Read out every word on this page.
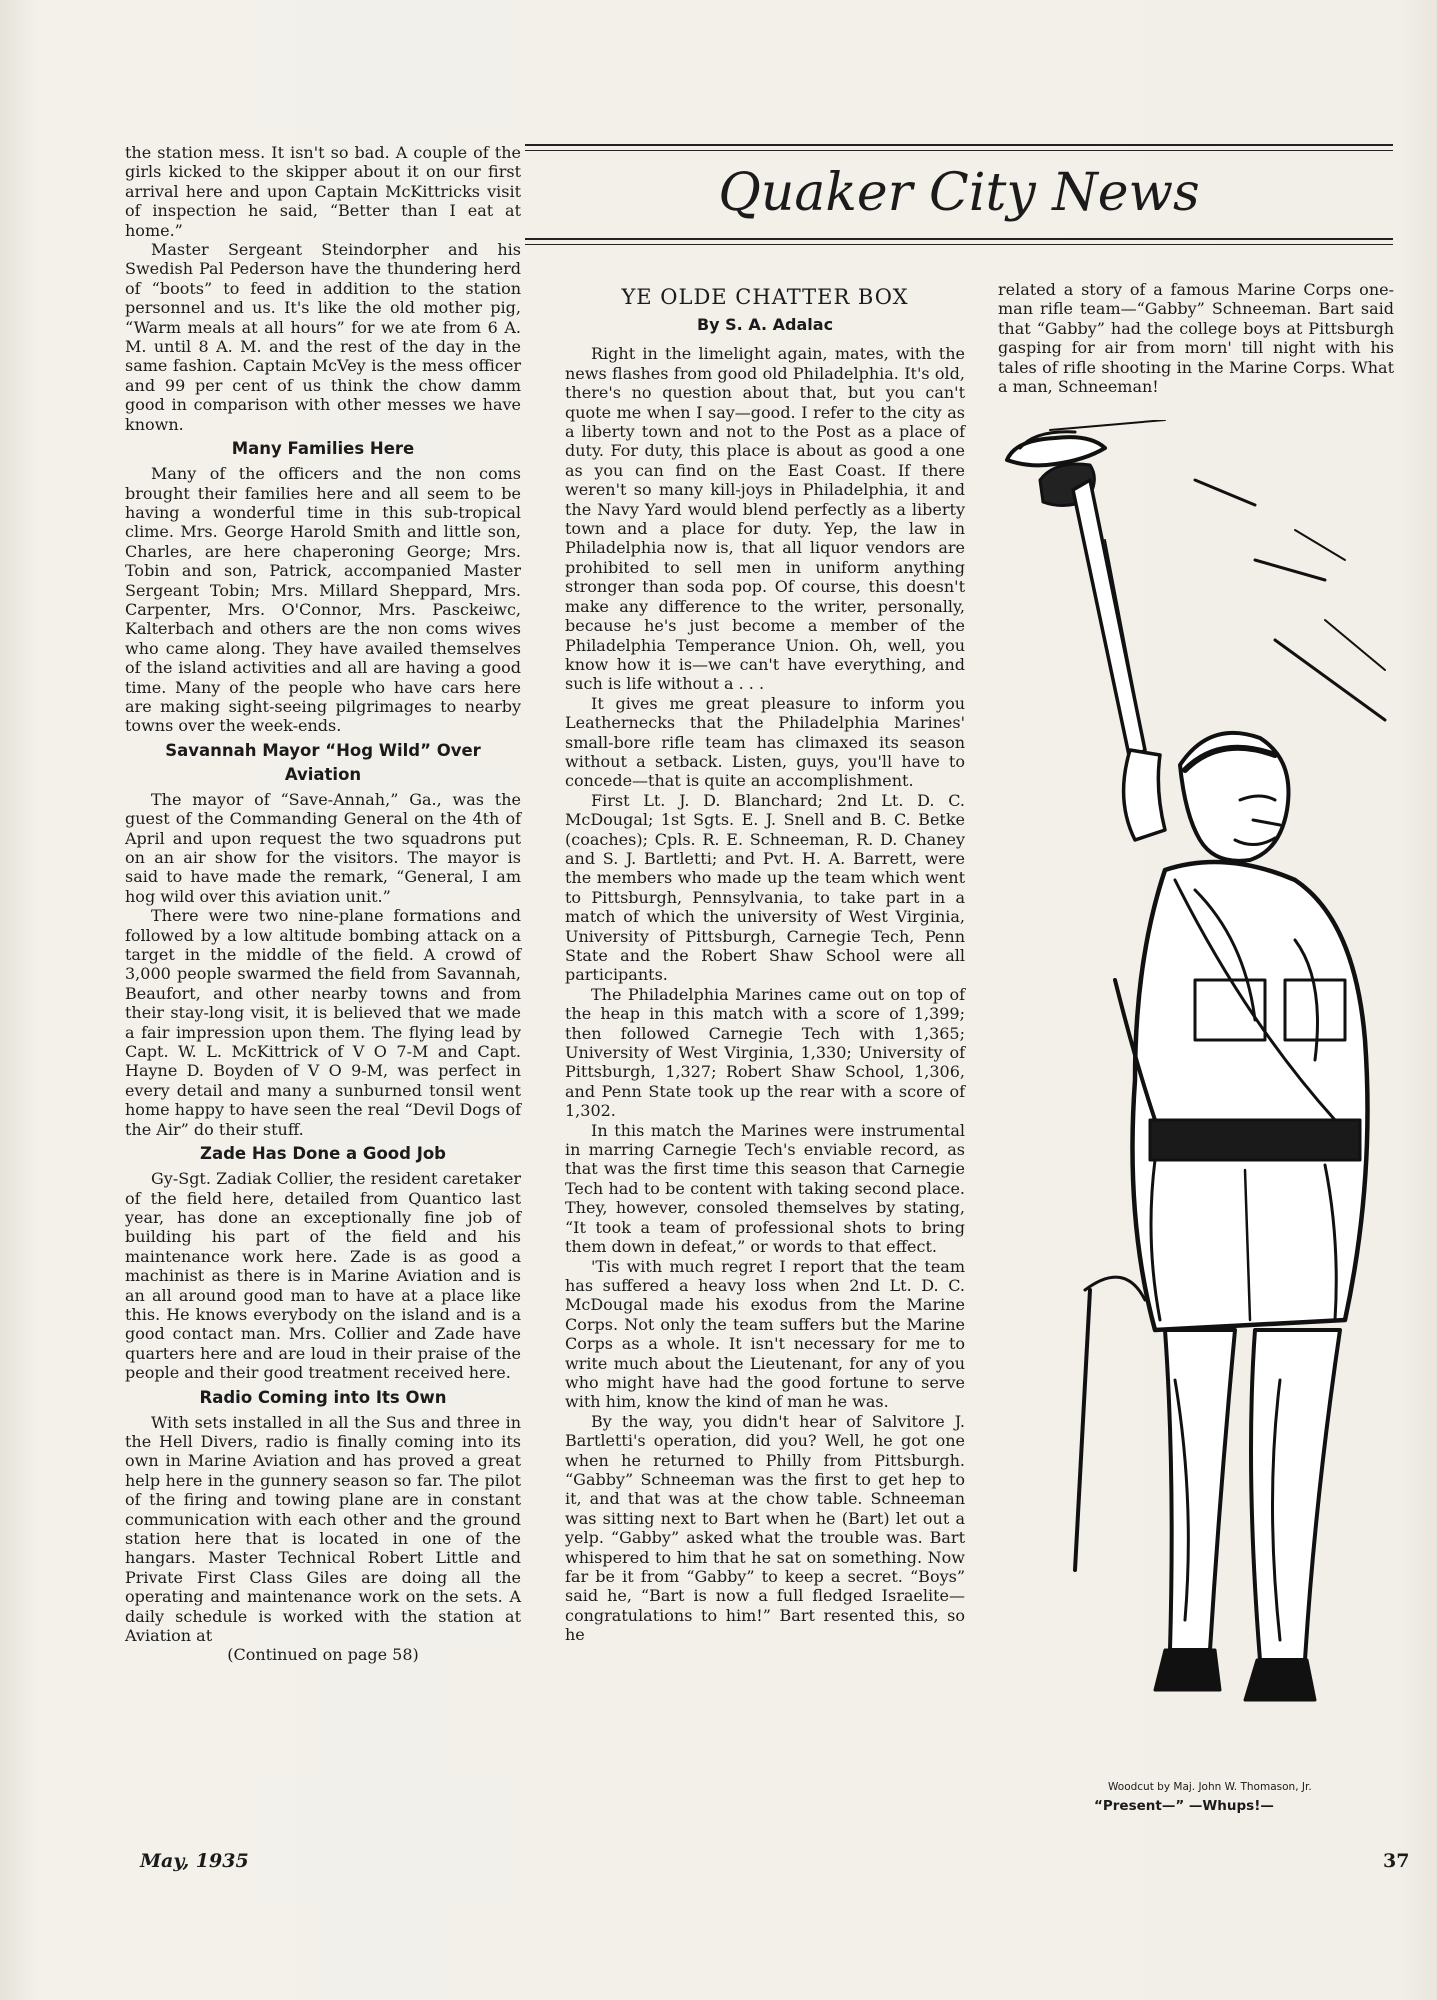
the station mess. It isn't so bad. A couple of the girls kicked to the skipper about it on our first arrival here and upon Captain McKittricks visit of inspection he said, “Better than I eat at home.”

Master Sergeant Steindorpher and his Swedish Pal Pederson have the thundering herd of “boots” to feed in addition to the station personnel and us. It's like the old mother pig, “Warm meals at all hours” for we ate from 6 A. M. until 8 A. M. and the rest of the day in the same fashion. Captain McVey is the mess officer and 99 per cent of us think the chow damm good in comparison with other messes we have known.

Many Families Here

Many of the officers and the non coms brought their families here and all seem to be having a wonderful time in this sub-tropical clime. Mrs. George Harold Smith and little son, Charles, are here chaperoning George; Mrs. Tobin and son, Patrick, accompanied Master Sergeant Tobin; Mrs. Millard Sheppard, Mrs. Carpenter, Mrs. O'Connor, Mrs. Pasckeiwc, Kalterbach and others are the non coms wives who came along. They have availed themselves of the island activities and all are having a good time. Many of the people who have cars here are making sight-seeing pilgrimages to nearby towns over the week-ends.

Savannah Mayor “Hog Wild” Over Aviation

The mayor of “Save-Annah,” Ga., was the guest of the Commanding General on the 4th of April and upon request the two squadrons put on an air show for the visitors. The mayor is said to have made the remark, “General, I am hog wild over this aviation unit.”

There were two nine-plane formations and followed by a low altitude bombing attack on a target in the middle of the field. A crowd of 3,000 people swarmed the field from Savannah, Beaufort, and other nearby towns and from their stay-long visit, it is believed that we made a fair impression upon them. The flying lead by Capt. W. L. McKittrick of V O 7-M and Capt. Hayne D. Boyden of V O 9-M, was perfect in every detail and many a sunburned tonsil went home happy to have seen the real “Devil Dogs of the Air” do their stuff.

Zade Has Done a Good Job

Gy-Sgt. Zadiak Collier, the resident caretaker of the field here, detailed from Quantico last year, has done an exceptionally fine job of building his part of the field and his maintenance work here. Zade is as good a machinist as there is in Marine Aviation and is an all around good man to have at a place like this. He knows everybody on the island and is a good contact man. Mrs. Collier and Zade have quarters here and are loud in their praise of the people and their good treatment received here.

Radio Coming into Its Own

With sets installed in all the Sus and three in the Hell Divers, radio is finally coming into its own in Marine Aviation and has proved a great help here in the gunnery season so far. The pilot of the firing and towing plane are in constant communication with each other and the ground station here that is located in one of the hangars. Master Technical Robert Little and Private First Class Giles are doing all the operating and maintenance work on the sets. A daily schedule is worked with the station at Aviation at

(Continued on page 58)

Quaker City News
YE OLDE CHATTER BOX
By S. A. Adalac

Right in the limelight again, mates, with the news flashes from good old Philadelphia. It's old, there's no question about that, but you can't quote me when I say—good. I refer to the city as a liberty town and not to the Post as a place of duty. For duty, this place is about as good a one as you can find on the East Coast. If there weren't so many kill-joys in Philadelphia, it and the Navy Yard would blend perfectly as a liberty town and a place for duty. Yep, the law in Philadelphia now is, that all liquor vendors are prohibited to sell men in uniform anything stronger than soda pop. Of course, this doesn't make any difference to the writer, personally, because he's just become a member of the Philadelphia Temperance Union. Oh, well, you know how it is—we can't have everything, and such is life without a . . .

It gives me great pleasure to inform you Leathernecks that the Philadelphia Marines' small-bore rifle team has climaxed its season without a setback. Listen, guys, you'll have to concede—that is quite an accomplishment.

First Lt. J. D. Blanchard; 2nd Lt. D. C. McDougal; 1st Sgts. E. J. Snell and B. C. Betke (coaches); Cpls. R. E. Schneeman, R. D. Chaney and S. J. Bartletti; and Pvt. H. A. Barrett, were the members who made up the team which went to Pittsburgh, Pennsylvania, to take part in a match of which the university of West Virginia, University of Pittsburgh, Carnegie Tech, Penn State and the Robert Shaw School were all participants.

The Philadelphia Marines came out on top of the heap in this match with a score of 1,399; then followed Carnegie Tech with 1,365; University of West Virginia, 1,330; University of Pittsburgh, 1,327; Robert Shaw School, 1,306, and Penn State took up the rear with a score of 1,302.

In this match the Marines were instrumental in marring Carnegie Tech's enviable record, as that was the first time this season that Carnegie Tech had to be content with taking second place. They, however, consoled themselves by stating, “It took a team of professional shots to bring them down in defeat,” or words to that effect.

'Tis with much regret I report that the team has suffered a heavy loss when 2nd Lt. D. C. McDougal made his exodus from the Marine Corps. Not only the team suffers but the Marine Corps as a whole. It isn't necessary for me to write much about the Lieutenant, for any of you who might have had the good fortune to serve with him, know the kind of man he was.

By the way, you didn't hear of Salvitore J. Bartletti's operation, did you? Well, he got one when he returned to Philly from Pittsburgh. “Gabby” Schneeman was the first to get hep to it, and that was at the chow table. Schneeman was sitting next to Bart when he (Bart) let out a yelp. “Gabby” asked what the trouble was. Bart whispered to him that he sat on something. Now far be it from “Gabby” to keep a secret. “Boys” said he, “Bart is now a full fledged Israelite—congratulations to him!” Bart resented this, so he

related a story of a famous Marine Corps one-man rifle team—“Gabby” Schneeman. Bart said that “Gabby” had the college boys at Pittsburgh gasping for air from morn' till night with his tales of rifle shooting in the Marine Corps. What a man, Schneeman!

Woodcut by Maj. John W. Thomason, Jr.
“Present—” —Whups!—
May, 1935	37
